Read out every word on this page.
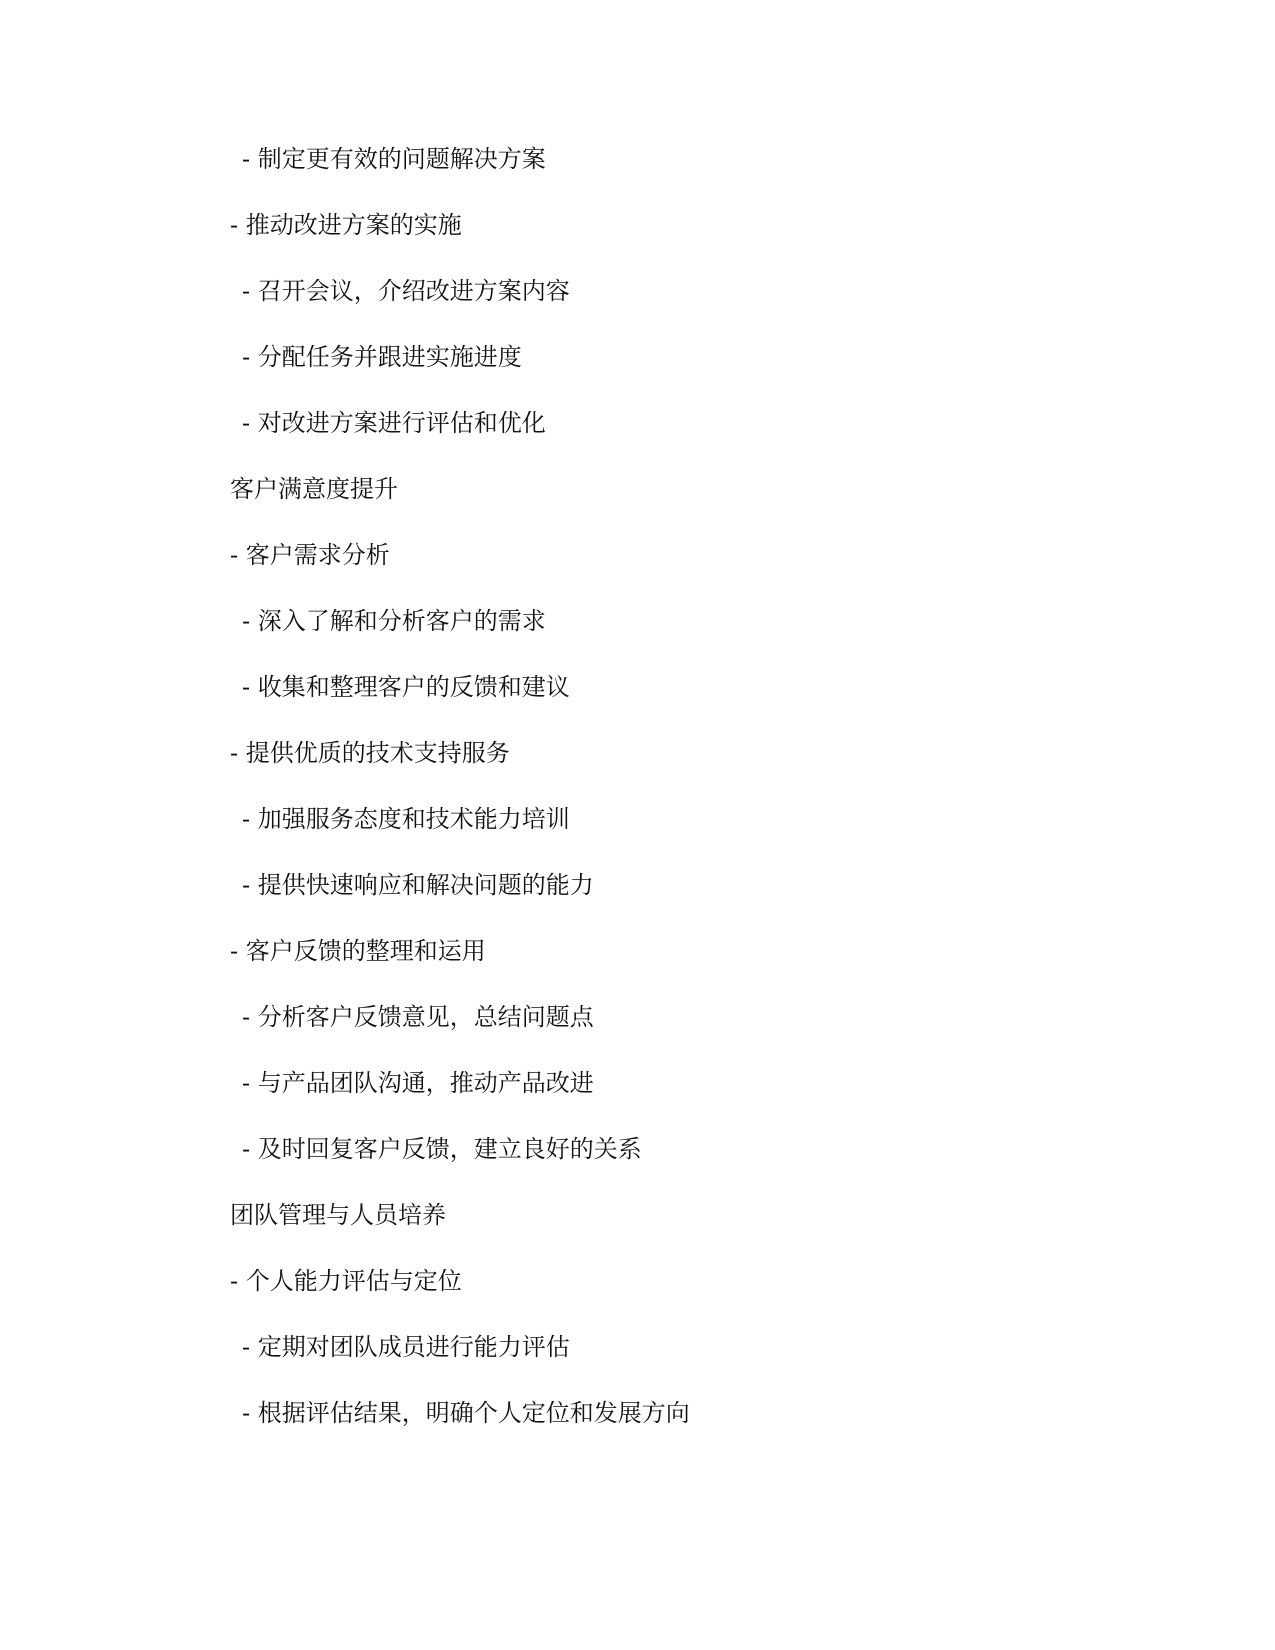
- 制定更有效的问题解决方案
- 推动改进方案的实施
- 召开会议，介绍改进方案内容
- 分配任务并跟进实施进度
- 对改进方案进行评估和优化
客户满意度提升
- 客户需求分析
- 深入了解和分析客户的需求
- 收集和整理客户的反馈和建议
- 提供优质的技术支持服务
- 加强服务态度和技术能力培训
- 提供快速响应和解决问题的能力
- 客户反馈的整理和运用
- 分析客户反馈意见，总结问题点
- 与产品团队沟通，推动产品改进
- 及时回复客户反馈，建立良好的关系
团队管理与人员培养
- 个人能力评估与定位
- 定期对团队成员进行能力评估
- 根据评估结果，明确个人定位和发展方向
